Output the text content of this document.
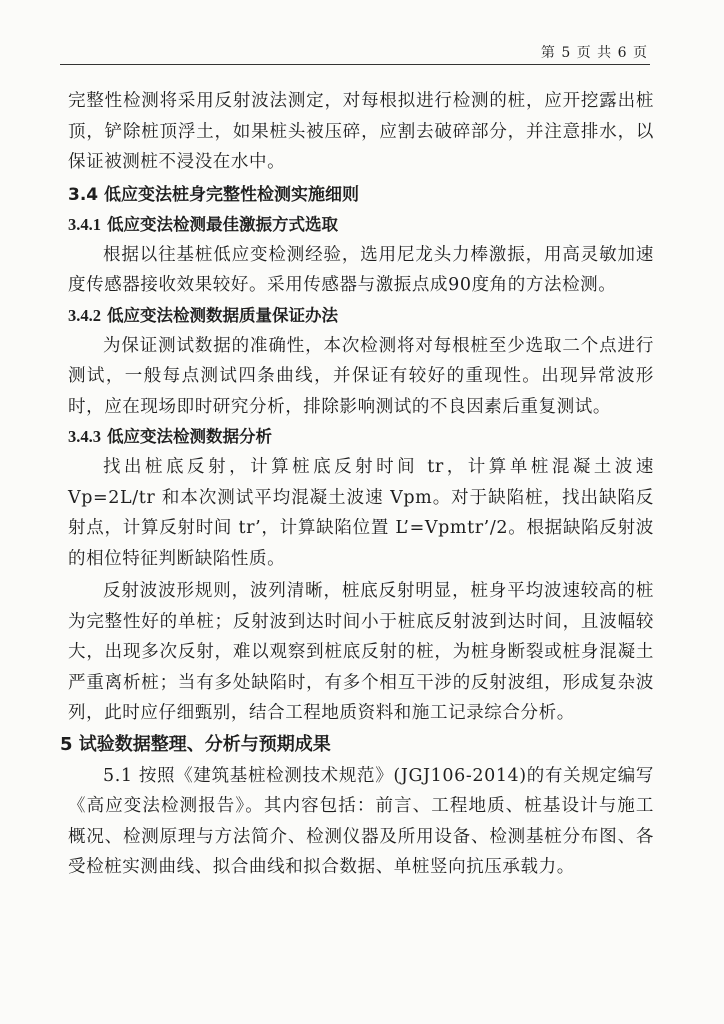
第 5 页 共 6 页

完整性检测将采用反射波法测定，对每根拟进行检测的桩，应开挖露出桩顶，铲除桩顶浮土，如果桩头被压碎，应割去破碎部分，并注意排水，以保证被测桩不浸没在水中。

3.4 低应变法桩身完整性检测实施细则
3.4.1 低应变法检测最佳激振方式选取

根据以往基桩低应变检测经验，选用尼龙头力棒激振，用高灵敏加速度传感器接收效果较好。采用传感器与激振点成90度角的方法检测。

3.4.2 低应变法检测数据质量保证办法

为保证测试数据的准确性，本次检测将对每根桩至少选取二个点进行测试，一般每点测试四条曲线，并保证有较好的重现性。出现异常波形时，应在现场即时研究分析，排除影响测试的不良因素后重复测试。

3.4.3 低应变法检测数据分析

找出桩底反射，计算桩底反射时间 tr，计算单桩混凝土波速 Vp=2L/tr 和本次测试平均混凝土波速 Vpm。对于缺陷桩，找出缺陷反射点，计算反射时间 tr’，计算缺陷位置 L’=Vpmtr’/2。根据缺陷反射波的相位特征判断缺陷性质。

反射波波形规则，波列清晰，桩底反射明显，桩身平均波速较高的桩为完整性好的单桩；反射波到达时间小于桩底反射波到达时间，且波幅较大，出现多次反射，难以观察到桩底反射的桩，为桩身断裂或桩身混凝土严重离析桩；当有多处缺陷时，有多个相互干涉的反射波组，形成复杂波列，此时应仔细甄别，结合工程地质资料和施工记录综合分析。

5 试验数据整理、分析与预期成果

5.1 按照《建筑基桩检测技术规范》(JGJ106-2014)的有关规定编写《高应变法检测报告》。其内容包括：前言、工程地质、桩基设计与施工概况、检测原理与方法简介、检测仪器及所用设备、检测基桩分布图、各受检桩实测曲线、拟合曲线和拟合数据、单桩竖向抗压承载力。
